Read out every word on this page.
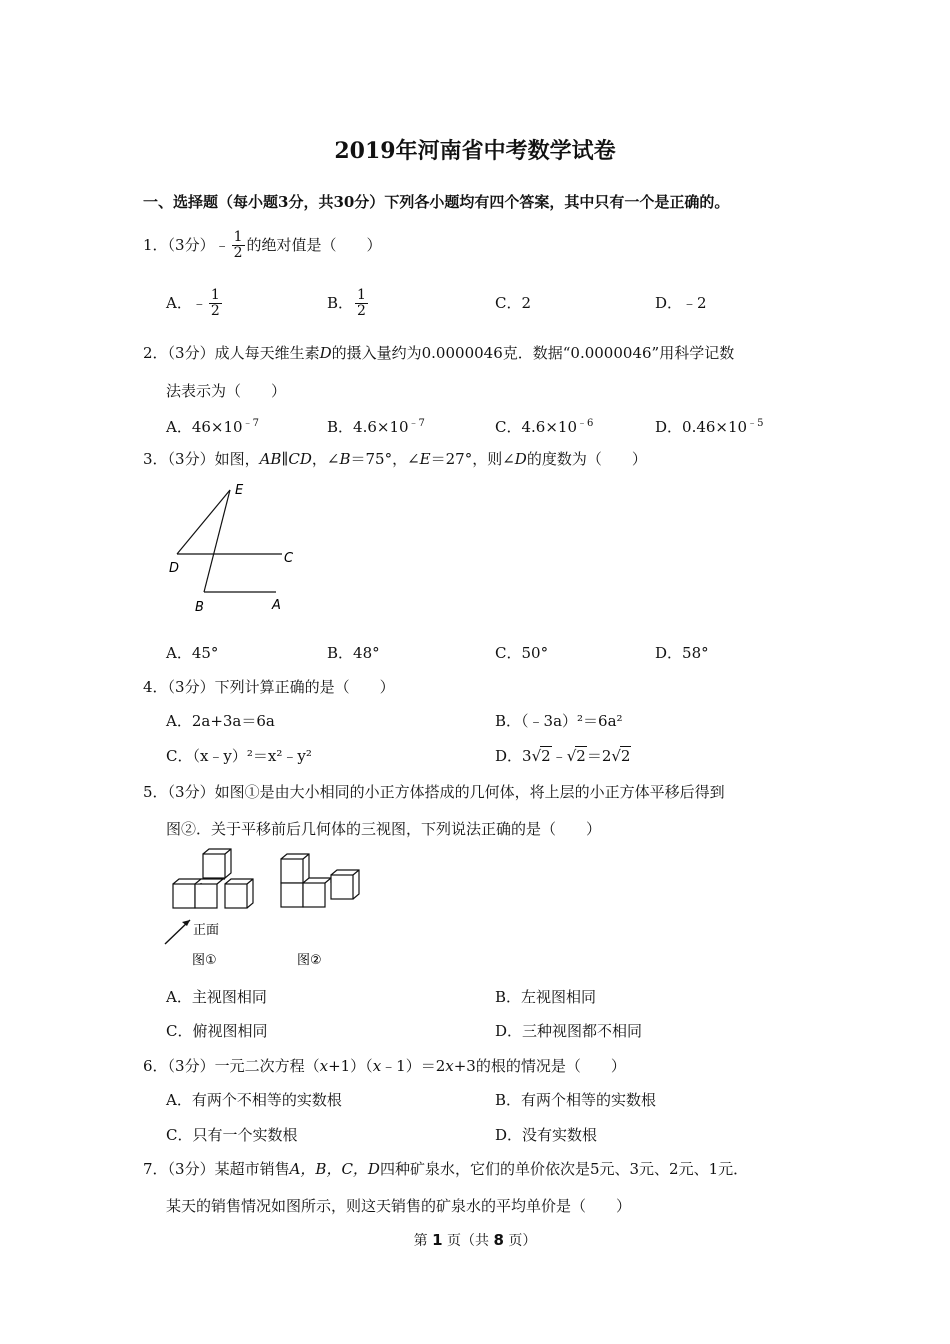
2019年河南省中考数学试卷
一、选择题（每小题3分，共30分）下列各小题均有四个答案，其中只有一个是正确的。
1．（3分）﹣ $\frac{1}{2}$ 的绝对值是（　　）
A．﹣ $\frac{1}{2}$	B． $\frac{1}{2}$	C．2	D．﹣2
2．（3分）成人每天维生素D的摄入量约为0.0000046克．数据“0.0000046”用科学记数
法表示为（　　）
A．$46\times 10^{﹣7}$	B．$4.6\times 10^{﹣7}$	C．$4.6\times 10^{﹣6}$	D．$0.46\times 10^{﹣5}$
3．（3分）如图，AB∥CD，∠B＝75°，∠E＝27°，则∠D的度数为（　　）
E
C
D
B	A
A．45°	B．48°	C．50°	D．58°
4．（3分）下列计算正确的是（　　）
A．2a+3a＝6a	B．（﹣3a）²＝6a²
C．（x﹣y）²＝x²﹣y²	D．3√2﹣√2＝2√2
5．（3分）如图①是由大小相同的小正方体搭成的几何体，将上层的小正方体平移后得到
图②．关于平移前后几何体的三视图，下列说法正确的是（　　）
正面
图①	图②
A．主视图相同	B．左视图相同
C．俯视图相同	D．三种视图都不相同
6．（3分）一元二次方程（x+1）（x﹣1）＝2x+3的根的情况是（　　）
A．有两个不相等的实数根	B．有两个相等的实数根
C．只有一个实数根	D．没有实数根
7．（3分）某超市销售A，B，C，D四种矿泉水，它们的单价依次是5元、3元、2元、1元．
某天的销售情况如图所示，则这天销售的矿泉水的平均单价是（　　）
第 1 页（共 8 页）
